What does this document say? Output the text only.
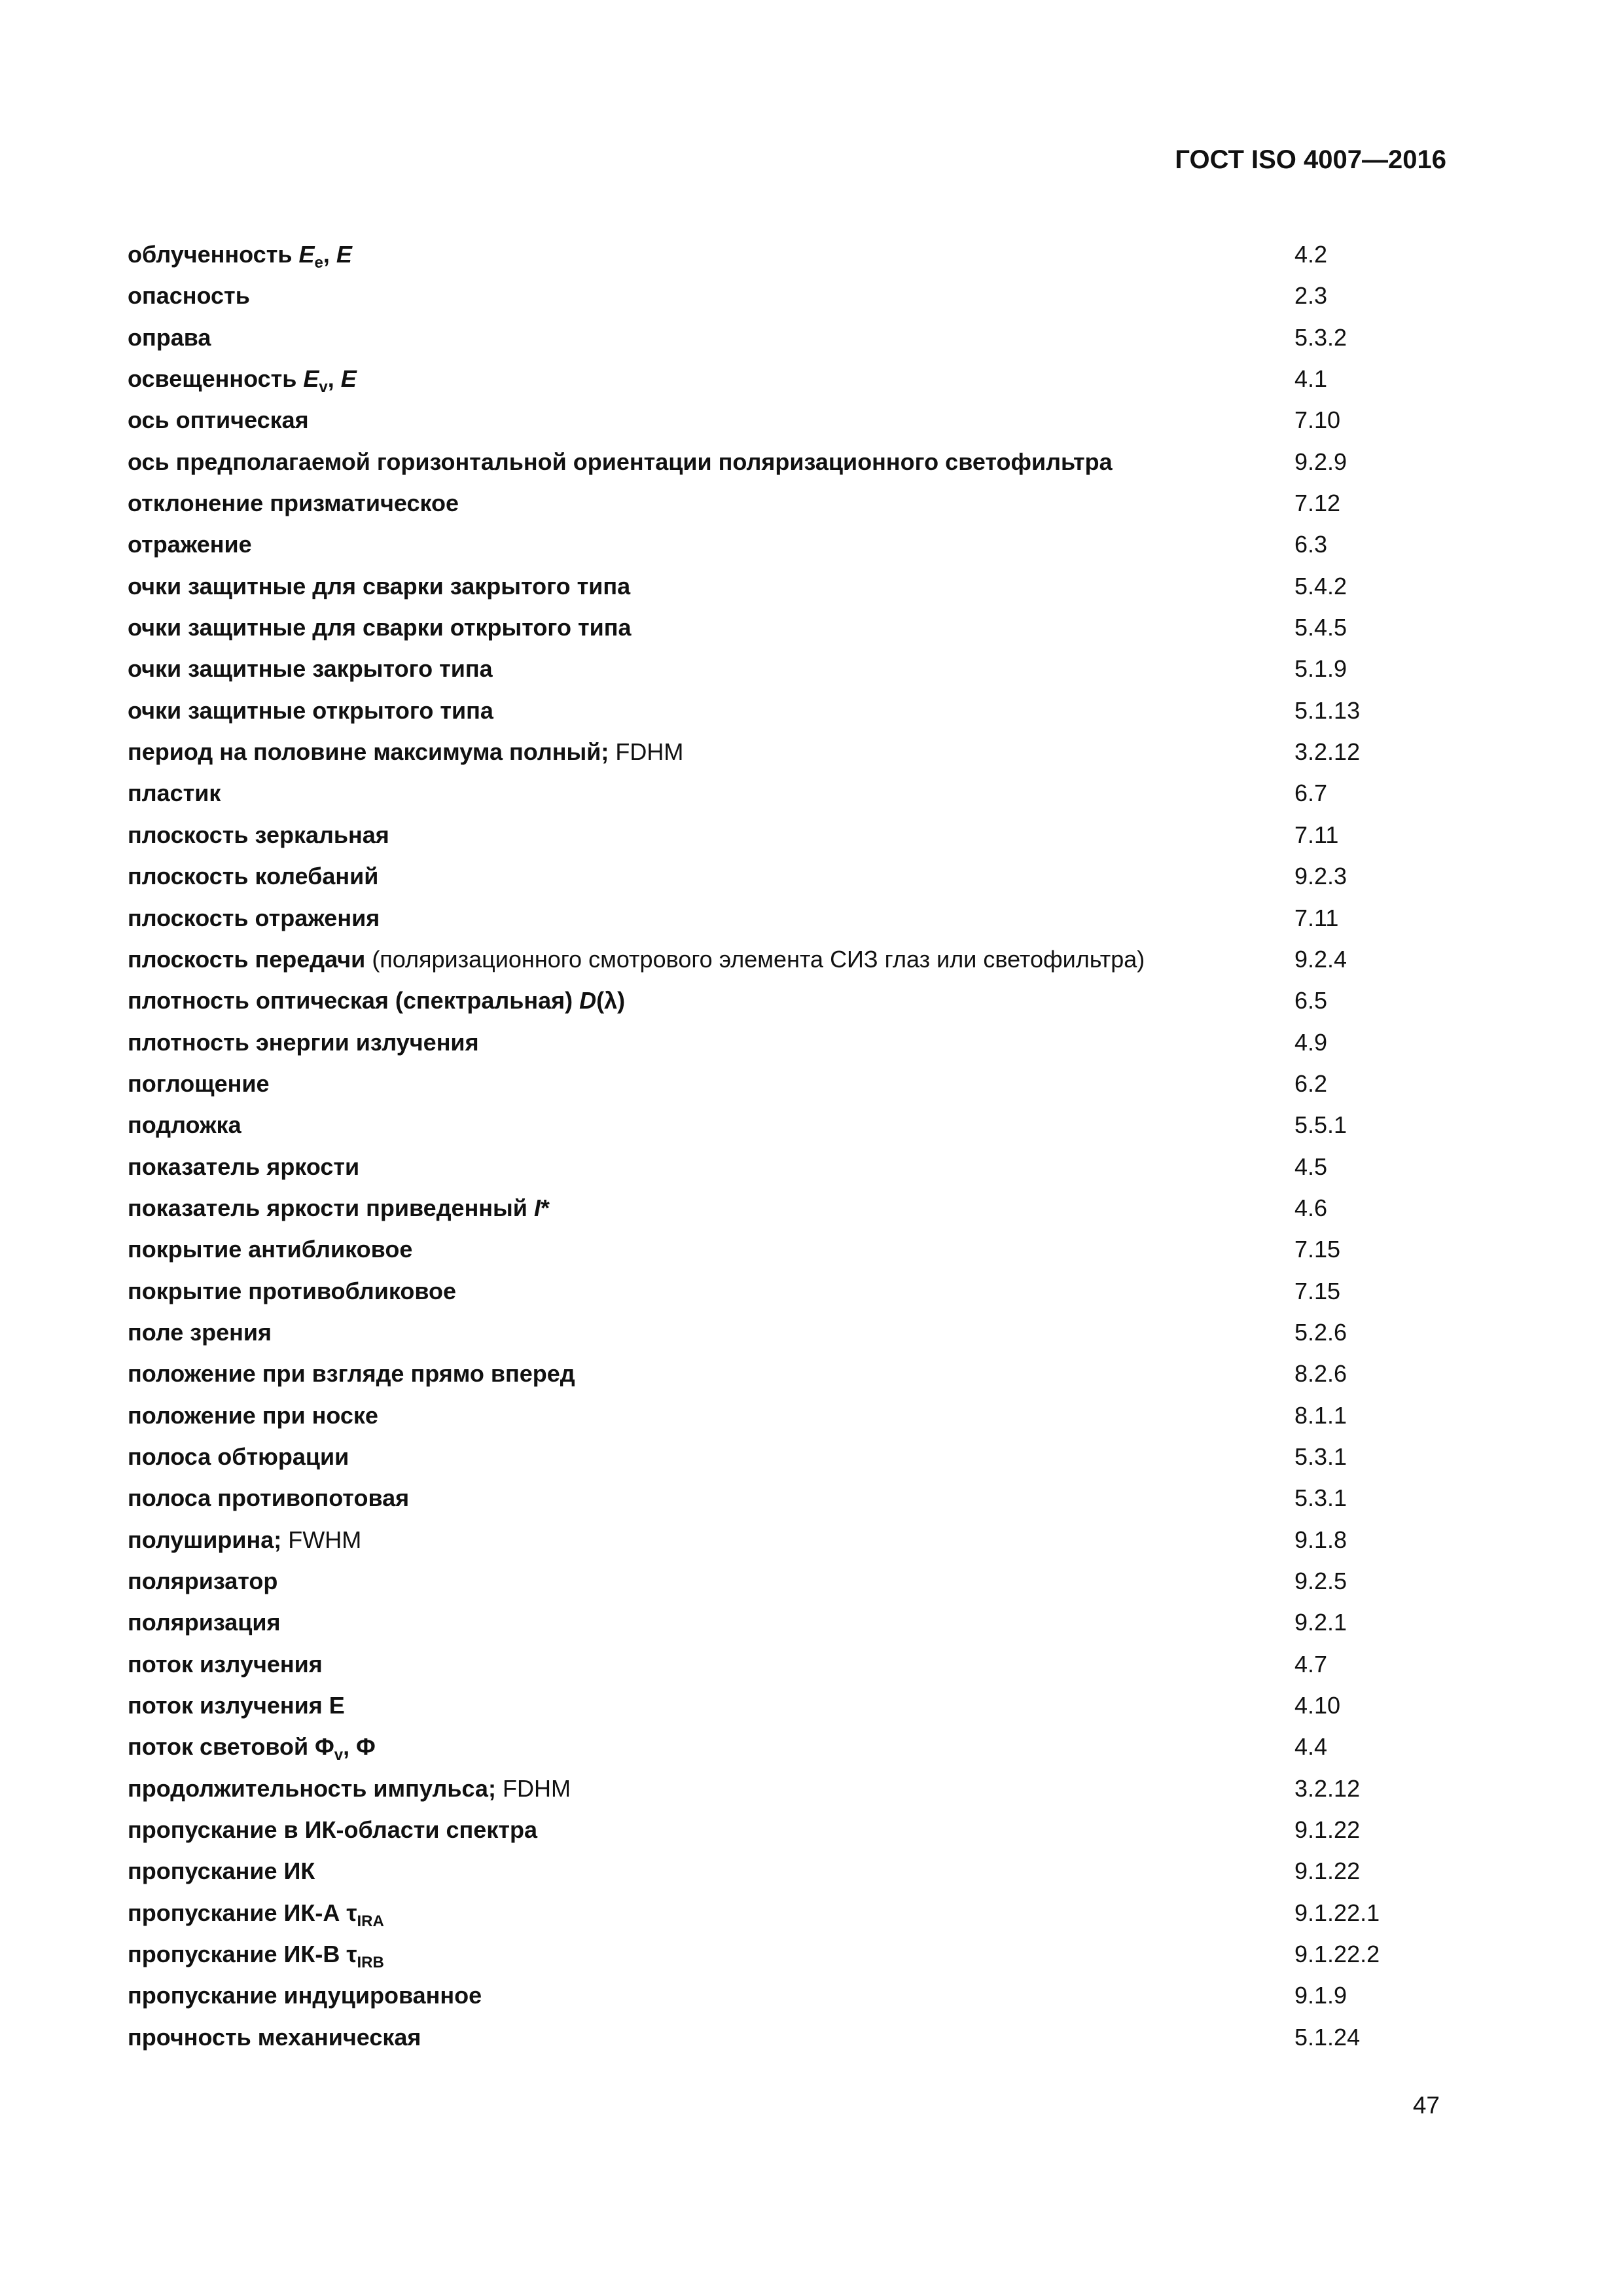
ГОСТ ISO 4007—2016
облученность $E_e$, E	4.2
опасность	2.3
оправа	5.3.2
освещенность $E_v$, E	4.1
ось оптическая	7.10
ось предполагаемой горизонтальной ориентации поляризационного светофильтра	9.2.9
отклонение призматическое	7.12
отражение	6.3
очки защитные для сварки закрытого типа	5.4.2
очки защитные для сварки открытого типа	5.4.5
очки защитные закрытого типа	5.1.9
очки защитные открытого типа	5.1.13
период на половине максимума полный; FDHM	3.2.12
пластик	6.7
плоскость зеркальная	7.11
плоскость колебаний	9.2.3
плоскость отражения	7.11
плоскость передачи (поляризационного смотрового элемента СИЗ глаз или светофильтра)	9.2.4
плотность оптическая (спектральная) D(λ)	6.5
плотность энергии излучения	4.9
поглощение	6.2
подложка	5.5.1
показатель яркости	4.5
показатель яркости приведенный I*	4.6
покрытие антибликовое	7.15
покрытие противобликовое	7.15
поле зрения	5.2.6
положение при взгляде прямо вперед	8.2.6
положение при носке	8.1.1
полоса обтюрации	5.3.1
полоса противопотовая	5.3.1
полуширина; FWHM	9.1.8
поляризатор	9.2.5
поляризация	9.2.1
поток излучения	4.7
поток излучения Е	4.10
поток световой $\Phi_v$, Φ	4.4
продолжительность импульса; FDHM	3.2.12
пропускание в ИК-области спектра	9.1.22
пропускание ИК	9.1.22
пропускание ИК-А $\tau_{IRA}$	9.1.22.1
пропускание ИК-В $\tau_{IRB}$	9.1.22.2
пропускание индуцированное	9.1.9
прочность механическая	5.1.24
47
